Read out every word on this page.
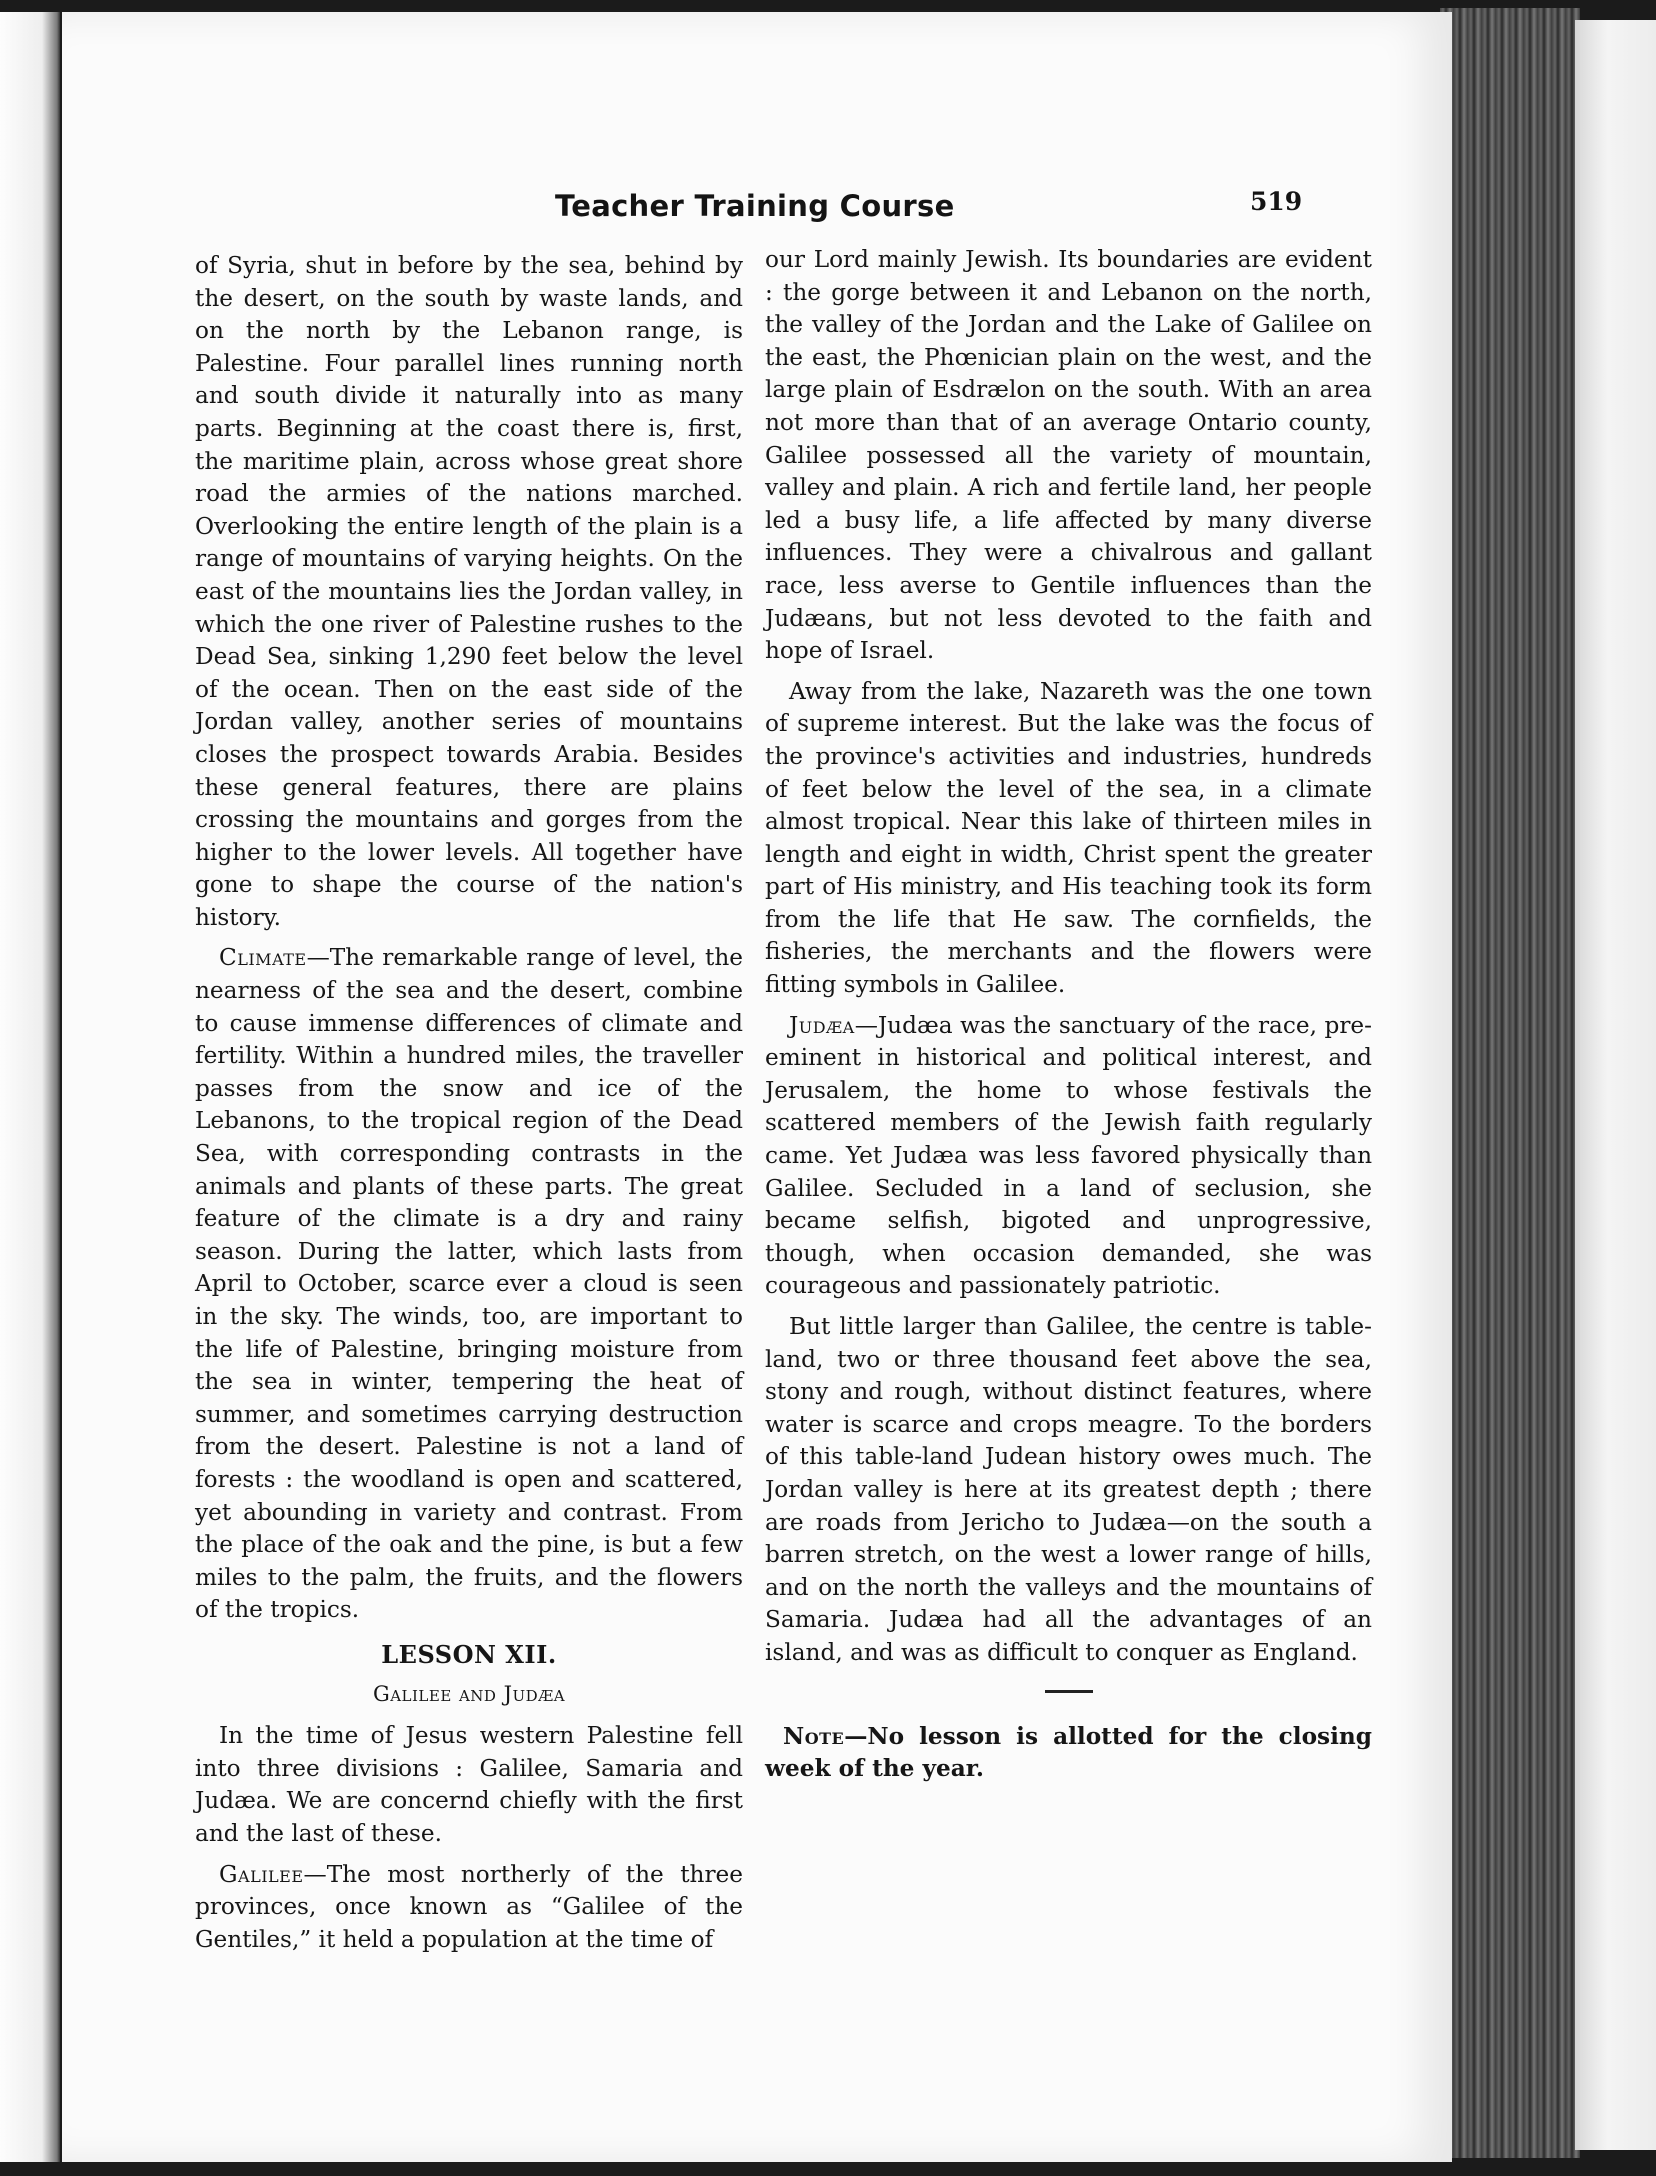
Teacher Training Course	519

of Syria, shut in before by the sea, behind by the desert, on the south by waste lands, and on the north by the Lebanon range, is Palestine. Four parallel lines running north and south divide it naturally into as many parts. Beginning at the coast there is, first, the maritime plain, across whose great shore road the armies of the nations marched. Overlooking the entire length of the plain is a range of mountains of varying heights. On the east of the mountains lies the Jordan valley, in which the one river of Palestine rushes to the Dead Sea, sinking 1,290 feet below the level of the ocean. Then on the east side of the Jordan valley, another series of mountains closes the prospect towards Arabia. Besides these general features, there are plains crossing the mountains and gorges from the higher to the lower levels. All together have gone to shape the course of the nation's history.

Climate—The remarkable range of level, the nearness of the sea and the desert, combine to cause immense differences of climate and fertility. Within a hundred miles, the traveller passes from the snow and ice of the Lebanons, to the tropical region of the Dead Sea, with corresponding contrasts in the animals and plants of these parts. The great feature of the climate is a dry and rainy season. During the latter, which lasts from April to October, scarce ever a cloud is seen in the sky. The winds, too, are important to the life of Palestine, bringing moisture from the sea in winter, tempering the heat of summer, and sometimes carrying destruction from the desert. Palestine is not a land of forests : the woodland is open and scattered, yet abounding in variety and contrast. From the place of the oak and the pine, is but a few miles to the palm, the fruits, and the flowers of the tropics.

LESSON XII.
Galilee and Judæa

In the time of Jesus western Palestine fell into three divisions : Galilee, Samaria and Judæa. We are concernd chiefly with the first and the last of these.

Galilee—The most northerly of the three provinces, once known as “Galilee of the Gentiles,” it held a population at the time of

our Lord mainly Jewish. Its boundaries are evident : the gorge between it and Lebanon on the north, the valley of the Jordan and the Lake of Galilee on the east, the Phœnician plain on the west, and the large plain of Esdrælon on the south. With an area not more than that of an average Ontario county, Galilee possessed all the variety of mountain, valley and plain. A rich and fertile land, her people led a busy life, a life affected by many diverse influences. They were a chivalrous and gallant race, less averse to Gentile influences than the Judæans, but not less devoted to the faith and hope of Israel.

Away from the lake, Nazareth was the one town of supreme interest. But the lake was the focus of the province's activities and industries, hundreds of feet below the level of the sea, in a climate almost tropical. Near this lake of thirteen miles in length and eight in width, Christ spent the greater part of His ministry, and His teaching took its form from the life that He saw. The cornfields, the fisheries, the merchants and the flowers were fitting symbols in Galilee.

Judæa—Judæa was the sanctuary of the race, pre-eminent in historical and political interest, and Jerusalem, the home to whose festivals the scattered members of the Jewish faith regularly came. Yet Judæa was less favored physically than Galilee. Secluded in a land of seclusion, she became selfish, bigoted and unprogressive, though, when occasion demanded, she was courageous and passionately patriotic.

But little larger than Galilee, the centre is table-land, two or three thousand feet above the sea, stony and rough, without distinct features, where water is scarce and crops meagre. To the borders of this table-land Judean history owes much. The Jordan valley is here at its greatest depth ; there are roads from Jericho to Judæa—on the south a barren stretch, on the west a lower range of hills, and on the north the valleys and the mountains of Samaria. Judæa had all the advantages of an island, and was as difficult to conquer as England.

Note—No lesson is allotted for the closing week of the year.
